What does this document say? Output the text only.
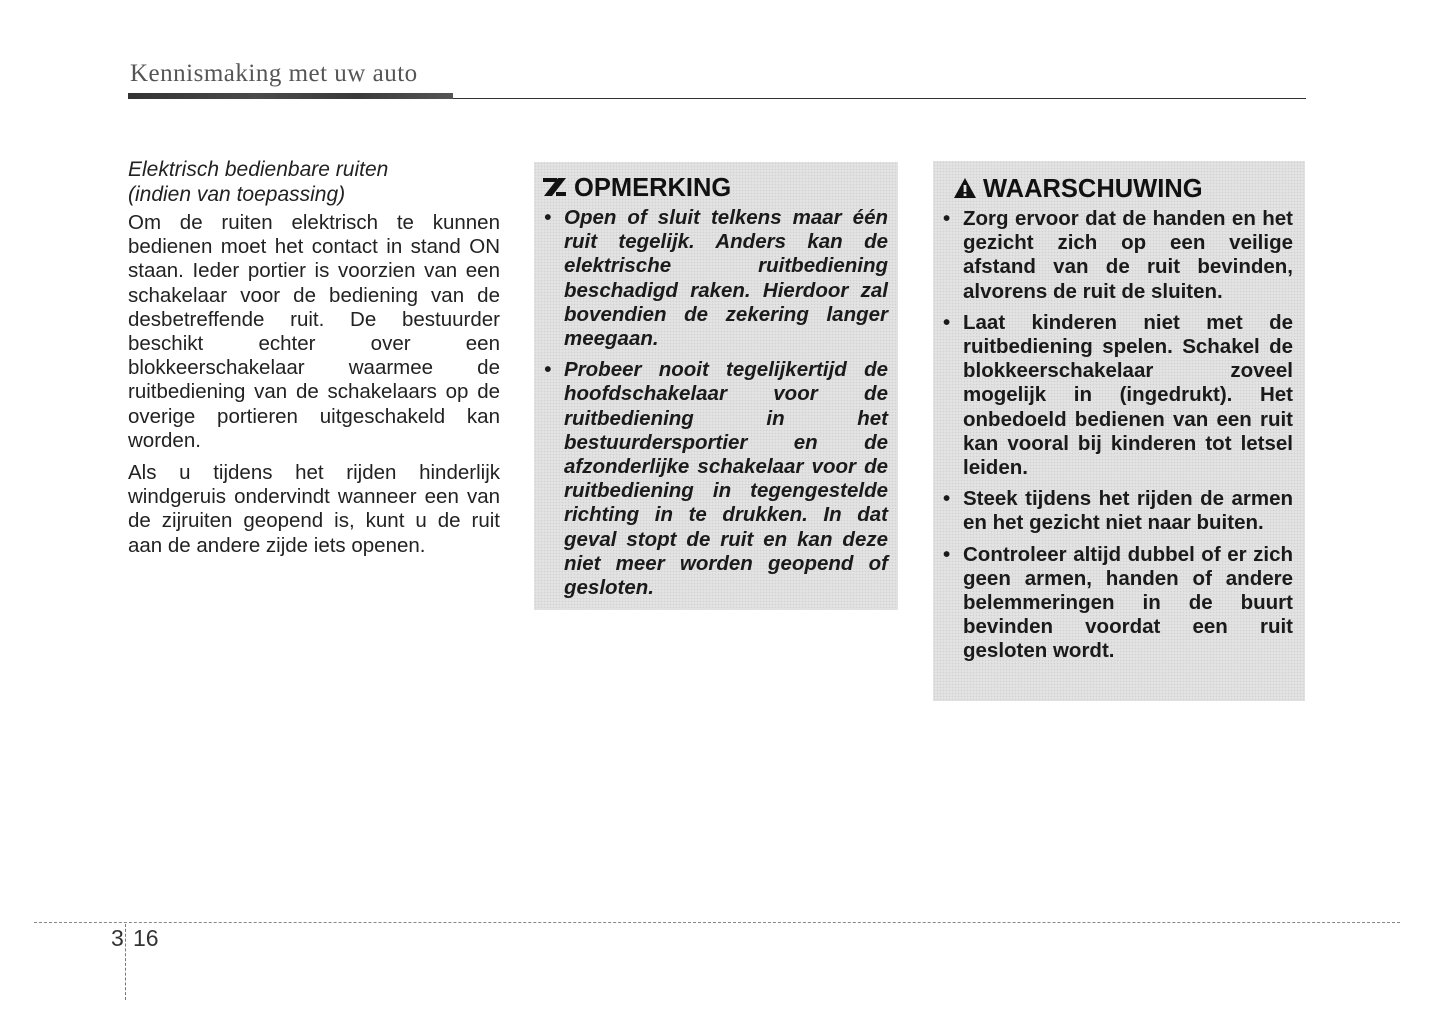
Kennismaking met uw auto
Elektrisch bedienbare ruiten
(indien van toepassing)

Om de ruiten elektrisch te kunnen bedienen moet het contact in stand ON staan. Ieder portier is voorzien van een schakelaar voor de bediening van de desbetreffende ruit. De bestuurder beschikt echter over een blokkeerschakelaar waarmee de ruitbediening van de schakelaars op de overige portieren uitgeschakeld kan worden.

Als u tijdens het rijden hinderlijk windgeruis ondervindt wanneer een van de zijruiten geopend is, kunt u de ruit aan de andere zijde iets openen.

OPMERKING
• Open of sluit telkens maar één ruit tegelijk. Anders kan de elektrische ruitbediening beschadigd raken. Hierdoor zal bovendien de zekering langer meegaan.
• Probeer nooit tegelijkertijd de hoofdschakelaar voor de ruitbediening in het bestuurdersportier en de afzonderlijke schakelaar voor de ruitbediening in tegengestelde richting in te drukken. In dat geval stopt de ruit en kan deze niet meer worden geopend of gesloten.
WAARSCHUWING
• Zorg ervoor dat de handen en het gezicht zich op een veilige afstand van de ruit bevinden, alvorens de ruit de sluiten.
• Laat kinderen niet met de ruitbediening spelen. Schakel de blokkeerschakelaar zoveel mogelijk in (ingedrukt). Het onbedoeld bedienen van een ruit kan vooral bij kinderen tot letsel leiden.
• Steek tijdens het rijden de armen en het gezicht niet naar buiten.
• Controleer altijd dubbel of er zich geen armen, handen of andere belemmeringen in de buurt bevinden voordat een ruit gesloten wordt.
3 16
